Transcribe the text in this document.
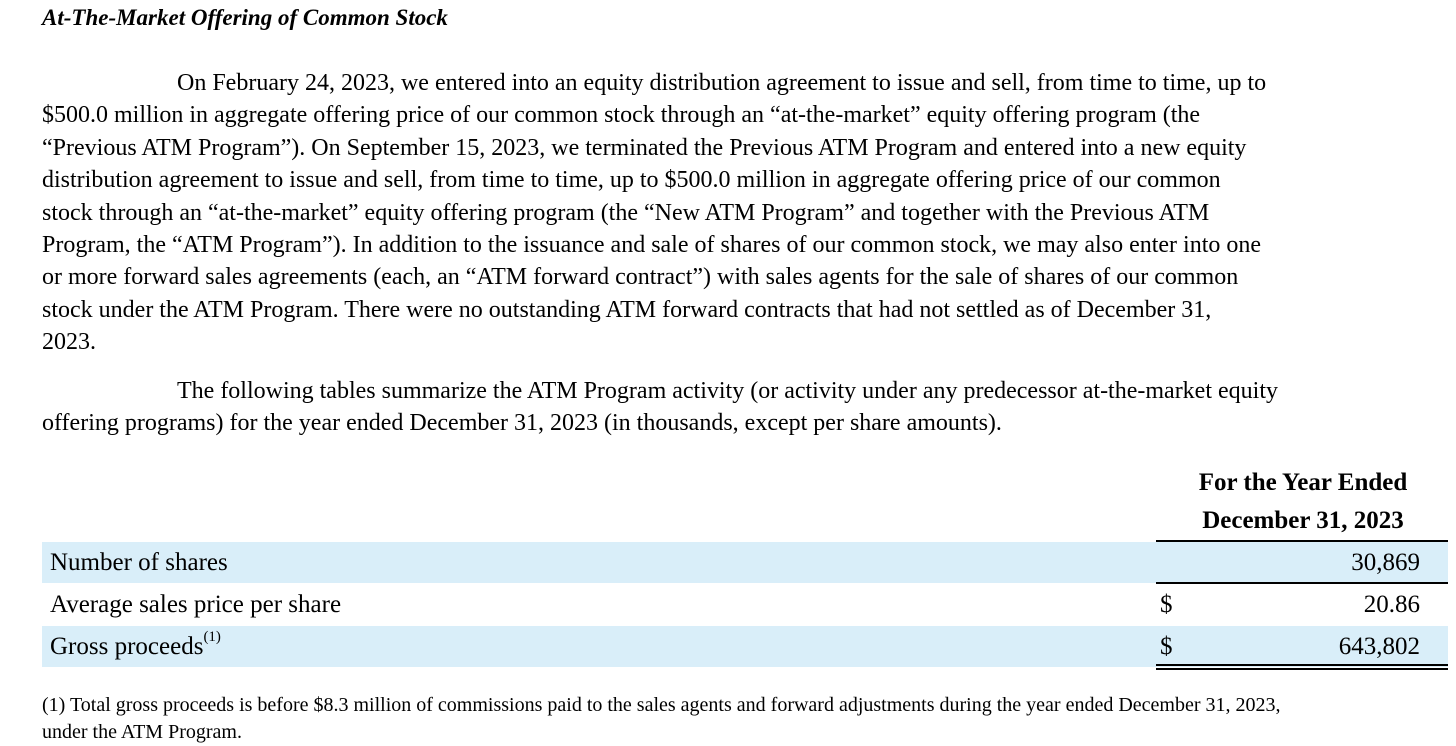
At-The-Market Offering of Common Stock

On February 24, 2023, we entered into an equity distribution agreement to issue and sell, from time to time, up to
$500.0 million in aggregate offering price of our common stock through an “at-the-market” equity offering program (the
“Previous ATM Program”). On September 15, 2023, we terminated the Previous ATM Program and entered into a new equity
distribution agreement to issue and sell, from time to time, up to $500.0 million in aggregate offering price of our common
stock through an “at-the-market” equity offering program (the “New ATM Program” and together with the Previous ATM
Program, the “ATM Program”). In addition to the issuance and sale of shares of our common stock, we may also enter into one
or more forward sales agreements (each, an “ATM forward contract”) with sales agents for the sale of shares of our common
stock under the ATM Program. There were no outstanding ATM forward contracts that had not settled as of December 31,
2023.

The following tables summarize the ATM Program activity (or activity under any predecessor at-the-market equity
offering programs) for the year ended December 31, 2023 (in thousands, except per share amounts).

For the Year Ended
December 31, 2023
Number of shares	30,869
Average sales price per share	$	20.86
Gross proceeds$^{(1)}$	$	643,802

(1) Total gross proceeds is before $8.3 million of commissions paid to the sales agents and forward adjustments during the year ended December 31, 2023,
under the ATM Program.
